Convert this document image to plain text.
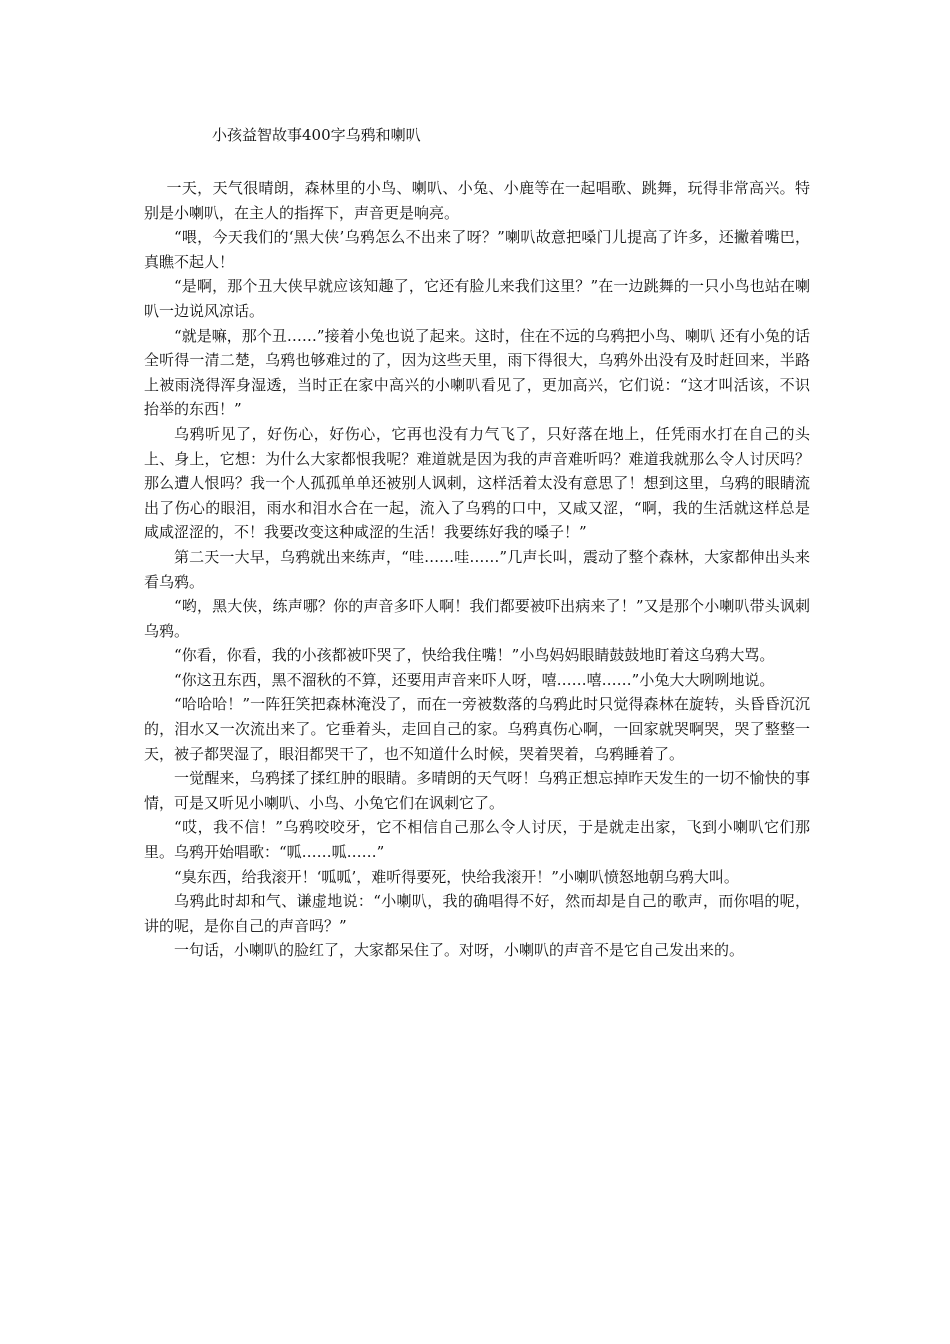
小孩益智故事400字乌鸦和喇叭

一天，天气很晴朗，森林里的小鸟、喇叭、小兔、小鹿等在一起唱歌、跳舞，玩得非常高兴。特别是小喇叭，在主人的指挥下，声音更是响亮。

“喂，今天我们的‘黑大侠’乌鸦怎么不出来了呀？”喇叭故意把嗓门儿提高了许多，还撇着嘴巴，真瞧不起人！

“是啊，那个丑大侠早就应该知趣了，它还有脸儿来我们这里？”在一边跳舞的一只小鸟也站在喇叭一边说风凉话。

“就是嘛，那个丑……”接着小兔也说了起来。这时，住在不远的乌鸦把小鸟、喇叭 还有小兔的话全听得一清二楚，乌鸦也够难过的了，因为这些天里，雨下得很大，乌鸦外出没有及时赶回来，半路上被雨浇得浑身湿透，当时正在家中高兴的小喇叭看见了，更加高兴，它们说：“这才叫活该，不识抬举的东西！”

乌鸦听见了，好伤心，好伤心，它再也没有力气飞了，只好落在地上，任凭雨水打在自己的头上、身上，它想：为什么大家都恨我呢？难道就是因为我的声音难听吗？难道我就那么令人讨厌吗？那么遭人恨吗？我一个人孤孤单单还被别人讽刺，这样活着太没有意思了！想到这里，乌鸦的眼睛流出了伤心的眼泪，雨水和泪水合在一起，流入了乌鸦的口中，又咸又涩，“啊，我的生活就这样总是咸咸涩涩的，不！我要改变这种咸涩的生活！我要练好我的嗓子！”

第二天一大早，乌鸦就出来练声，“哇……哇……”几声长叫，震动了整个森林，大家都伸出头来看乌鸦。

“哟，黑大侠，练声哪？你的声音多吓人啊！我们都要被吓出病来了！”又是那个小喇叭带头讽刺乌鸦。

“你看，你看，我的小孩都被吓哭了，快给我住嘴！”小鸟妈妈眼睛鼓鼓地盯着这乌鸦大骂。

“你这丑东西，黑不溜秋的不算，还要用声音来吓人呀，嘻……嘻……”小兔大大咧咧地说。

“哈哈哈！”一阵狂笑把森林淹没了，而在一旁被数落的乌鸦此时只觉得森林在旋转，头昏昏沉沉的，泪水又一次流出来了。它垂着头，走回自己的家。乌鸦真伤心啊，一回家就哭啊哭，哭了整整一天，被子都哭湿了，眼泪都哭干了，也不知道什么时候，哭着哭着，乌鸦睡着了。

一觉醒来，乌鸦揉了揉红肿的眼睛。多晴朗的天气呀！乌鸦正想忘掉昨天发生的一切不愉快的事情，可是又听见小喇叭、小鸟、小兔它们在讽刺它了。

“哎，我不信！”乌鸦咬咬牙，它不相信自己那么令人讨厌，于是就走出家，飞到小喇叭它们那里。乌鸦开始唱歌：“呱……呱……”

“臭东西，给我滚开！‘呱呱’，难听得要死，快给我滚开！”小喇叭愤怒地朝乌鸦大叫。

乌鸦此时却和气、谦虚地说：“小喇叭，我的确唱得不好，然而却是自己的歌声，而你唱的呢，讲的呢，是你自己的声音吗？”

一句话，小喇叭的脸红了，大家都呆住了。对呀，小喇叭的声音不是它自己发出来的。
